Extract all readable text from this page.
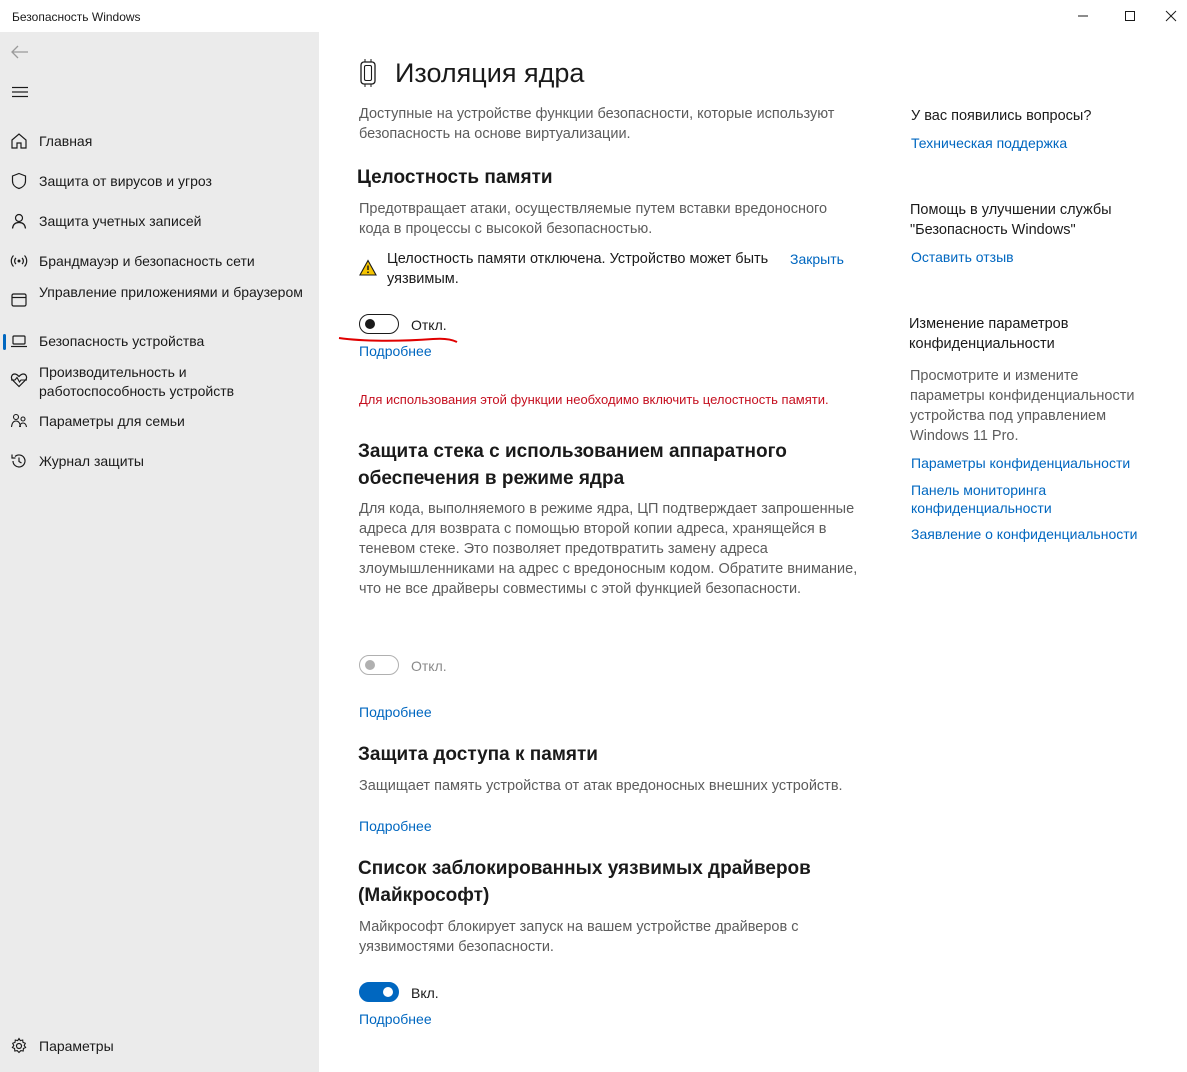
Безопасность Windows
Главная
Защита от вирусов и угроз
Защита учетных записей
Брандмауэр и безопасность сети
Управление приложениями и браузером
Безопасность устройства
Производительность и работоспособность устройств
Параметры для семьи
Журнал защиты
Параметры
Изоляция ядра

Доступные на устройстве функции безопасности, которые используют безопасность на основе виртуализации.

Целостность памяти

Предотвращает атаки, осуществляемые путем вставки вредоносного кода в процессы с высокой безопасностью.

Целостность памяти отключена. Устройство может быть уязвимым.

Закрыть
Откл.
Подробнее

Для использования этой функции необходимо включить целостность памяти.

Защита стека с использованием аппаратного обеспечения в режиме ядра

Для кода, выполняемого в режиме ядра, ЦП подтверждает запрошенные адреса для возврата с помощью второй копии адреса, хранящейся в теневом стеке. Это позволяет предотвратить замену адреса злоумышленниками на адрес с вредоносным кодом. Обратите внимание, что не все драйверы совместимы с этой функцией безопасности.

Откл.
Подробнее
Защита доступа к памяти

Защищает память устройства от атак вредоносных внешних устройств.

Подробнее
Список заблокированных уязвимых драйверов (Майкрософт)

Майкрософт блокирует запуск на вашем устройстве драйверов с уязвимостями безопасности.

Вкл.
Подробнее

У вас появились вопросы?

Техническая поддержка

Помощь в улучшении службы "Безопасность Windows"

Оставить отзыв

Изменение параметров конфиденциальности

Просмотрите и измените параметры конфиденциальности устройства под управлением Windows 11 Pro.

Параметры конфиденциальности
Панель мониторинга конфиденциальности
Заявление о конфиденциальности
